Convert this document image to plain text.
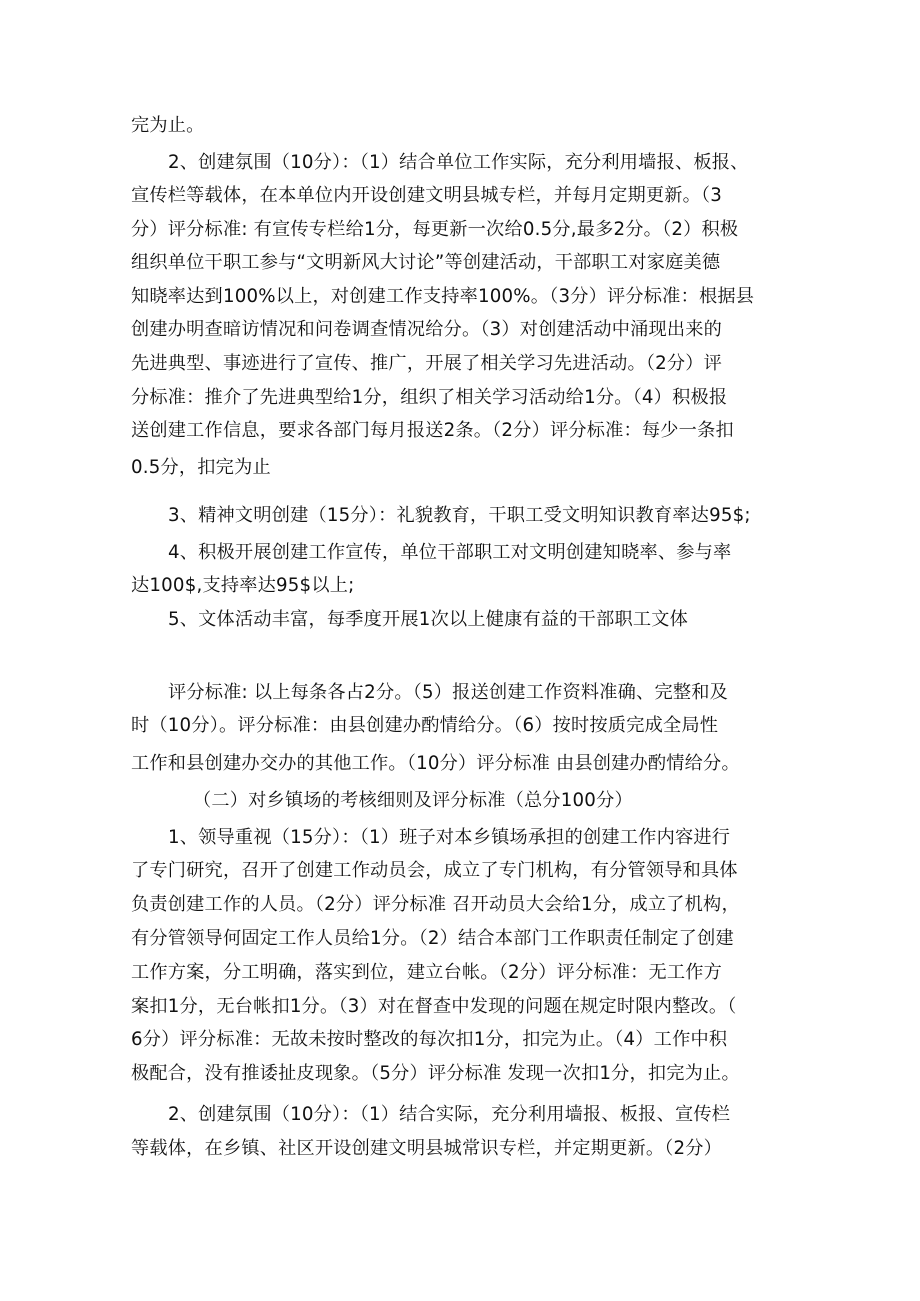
完为止。
2、创建氛围（10分）：（1）结合单位工作实际，充分利用墙报、板报、
宣传栏等载体，在本单位内开设创建文明县城专栏，并每月定期更新。（3
分）评分标准: 有宣传专栏给1分，每更新一次给0.5分,最多2分。（2）积极
组织单位干职工参与“文明新风大讨论”等创建活动，干部职工对家庭美德
知晓率达到100%以上，对创建工作支持率100%。（3分）评分标准：根据县
创建办明查暗访情况和问卷调查情况给分。（3）对创建活动中涌现出来的
先进典型、事迹进行了宣传、推广，开展了相关学习先进活动。（2分）评
分标准：推介了先进典型给1分，组织了相关学习活动给1分。（4）积极报
送创建工作信息，要求各部门每月报送2条。（2分）评分标准：每少一条扣
0.5分，扣完为止
3、精神文明创建（15分）：礼貌教育，干职工受文明知识教育率达95$;
4、积极开展创建工作宣传，单位干部职工对文明创建知晓率、参与率
达100$,支持率达95$以上;
5、文体活动丰富，每季度开展1次以上健康有益的干部职工文体
评分标准: 以上每条各占2分。（5）报送创建工作资料准确、完整和及
时（10分）。评分标准：由县创建办酌情给分。（6）按时按质完成全局性
工作和县创建办交办的其他工作。（10分）评分标准 由县创建办酌情给分。
（二）对乡镇场的考核细则及评分标准（总分100分）
1、领导重视（15分）：（1）班子对本乡镇场承担的创建工作内容进行
了专门研究，召开了创建工作动员会，成立了专门机构，有分管领导和具体
负责创建工作的人员。（2分）评分标准 召开动员大会给1分，成立了机构，
有分管领导何固定工作人员给1分。（2）结合本部门工作职责任制定了创建
工作方案，分工明确，落实到位，建立台帐。（2分）评分标准：无工作方
案扣1分，无台帐扣1分。（3）对在督查中发现的问题在规定时限内整改。（
6分）评分标准：无故未按时整改的每次扣1分，扣完为止。（4）工作中积
极配合，没有推诿扯皮现象。（5分）评分标准 发现一次扣1分，扣完为止。
2、创建氛围（10分）：（1）结合实际，充分利用墙报、板报、宣传栏
等载体，在乡镇、社区开设创建文明县城常识专栏，并定期更新。（2分）
